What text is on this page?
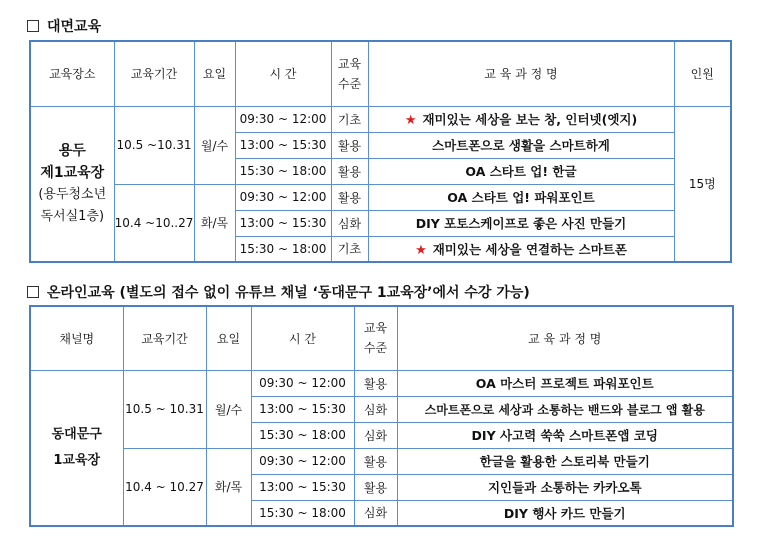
대면교육
교육장소	교육기간	요일	시 간	교육
수준	교 육 과 정 명	인원

용두
제1교육장
(용두청소년
독서실1층)	10.5 ~10.31	월/수	09:30 ~ 12:00	기초	★ 재미있는 세상을 보는 창, 인터넷(엣지)	15명
			13:00 ~ 15:30	활용	스마트폰으로 생활을 스마트하게	
			15:30 ~ 18:00	활용	OA 스타트 업! 한글	
	10.4 ~10..27	화/목	09:30 ~ 12:00	활용	OA 스타트 업! 파워포인트	
			13:00 ~ 15:30	심화	DIY 포토스케이프로 좋은 사진 만들기	
			15:30 ~ 18:00	기초	★ 재미있는 세상을 연결하는 스마트폰	
온라인교육 (별도의 접수 없이 유튜브 채널 ‘동대문구 1교육장’에서 수강 가능)
채널명	교육기간	요일	시 간	교육
수준	교 육 과 정 명

동대문구
1교육장	10.5 ~ 10.31	월/수	09:30 ~ 12:00	활용	OA 마스터 프로젝트 파워포인트
			13:00 ~ 15:30	심화	스마트폰으로 세상과 소통하는 밴드와 블로그 앱 활용
			15:30 ~ 18:00	심화	DIY 사고력 쑥쑥 스마트폰앱 코딩
	10.4 ~ 10.27	화/목	09:30 ~ 12:00	활용	한글을 활용한 스토리북 만들기
			13:00 ~ 15:30	활용	지인들과 소통하는 카카오톡
			15:30 ~ 18:00	심화	DIY 행사 카드 만들기
